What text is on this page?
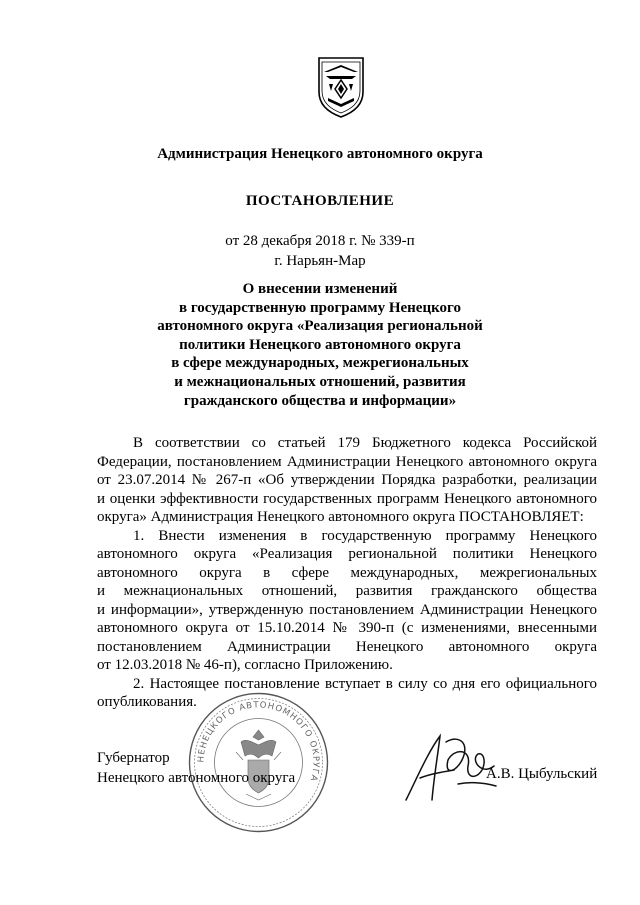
Администрация Ненецкого автономного округа
ПОСТАНОВЛЕНИЕ
от 28 декабря 2018 г. № 339-п
г. Нарьян-Мар
О внесении изменений
в государственную программу Ненецкого
автономного округа «Реализация региональной
политики Ненецкого автономного округа
в сфере международных, межрегиональных
и межнациональных отношений, развития
гражданского общества и информации»
В соответствии со статьей 179 Бюджетного кодекса Российской
Федерации, постановлением Администрации Ненецкого автономного округа
от 23.07.2014 № 267-п «Об утверждении Порядка разработки, реализации
и оценки эффективности государственных программ Ненецкого автономного
округа» Администрация Ненецкого автономного округа ПОСТАНОВЛЯЕТ:
1. Внести изменения в государственную программу Ненецкого
автономного округа «Реализация региональной политики Ненецкого
автономного округа в сфере международных, межрегиональных
и межнациональных отношений, развития гражданского общества
и информации», утвержденную постановлением Администрации Ненецкого
автономного округа от 15.10.2014 № 390-п (с изменениями, внесенными
постановлением Администрации Ненецкого автономного округа
от 12.03.2018 № 46-п), согласно Приложению.
2. Настоящее постановление вступает в силу со дня его официального
опубликования.
НЕНЕЦКОГО АВТОНОМНОГО ОКРУГА
Губернатор
Ненецкого автономного округа	А.В. Цыбульский
